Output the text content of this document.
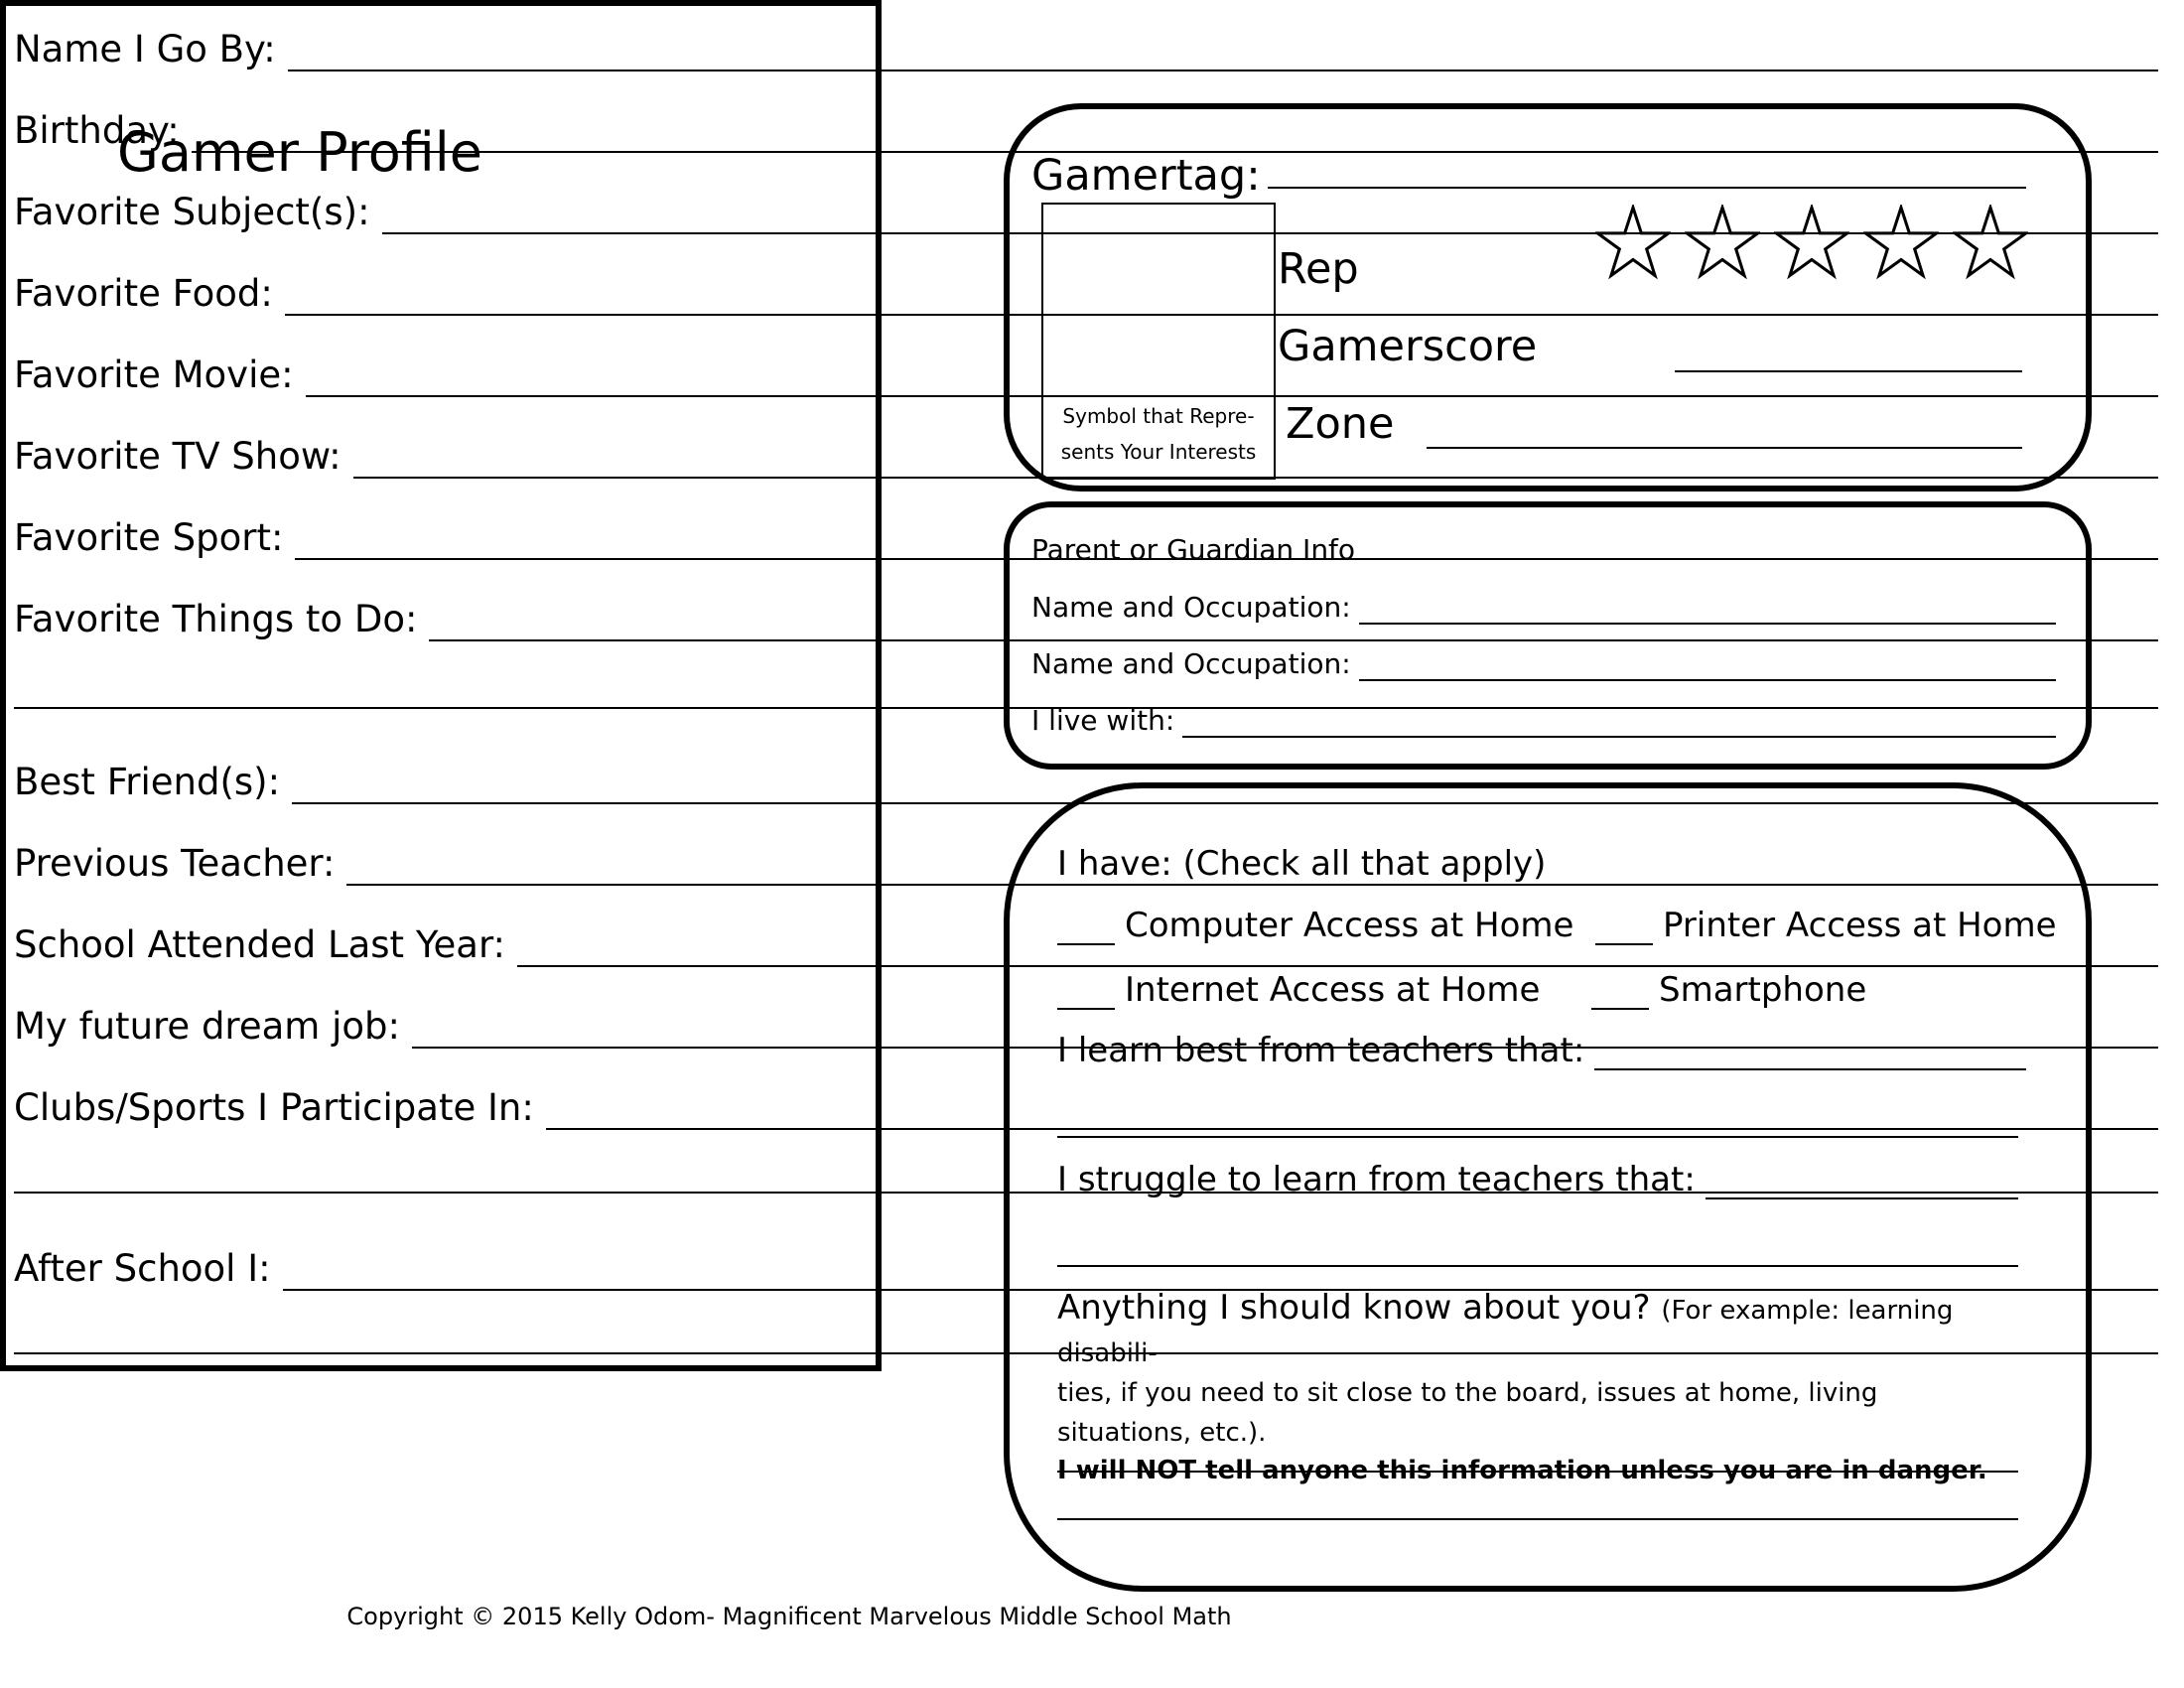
Gamer Profile
Name I Go By:
Birthday:
Favorite Subject(s):
Favorite Food:
Favorite Movie:
Favorite TV Show:
Favorite Sport:
Favorite Things to Do:
Best Friend(s):
Previous Teacher:
School Attended Last Year:
My future dream job:
Clubs/Sports I Participate In:
After School I:
Gamertag:
Symbol that Repre-
sents Your Interests
Rep
Gamerscore
Zone
Parent or Guardian Info
Name and Occupation:
Name and Occupation:
I live with:
I have: (Check all that apply)
Computer Access at Home	Printer Access at Home
Internet Access at Home	Smartphone
I learn best from teachers that:
I struggle to learn from teachers that:
Anything I should know about you? (For example: learning disabili-
ties, if you need to sit close to the board, issues at home, living situations, etc.).
I will NOT tell anyone this information unless you are in danger.
Copyright © 2015 Kelly Odom- Magnificent Marvelous Middle School Math
